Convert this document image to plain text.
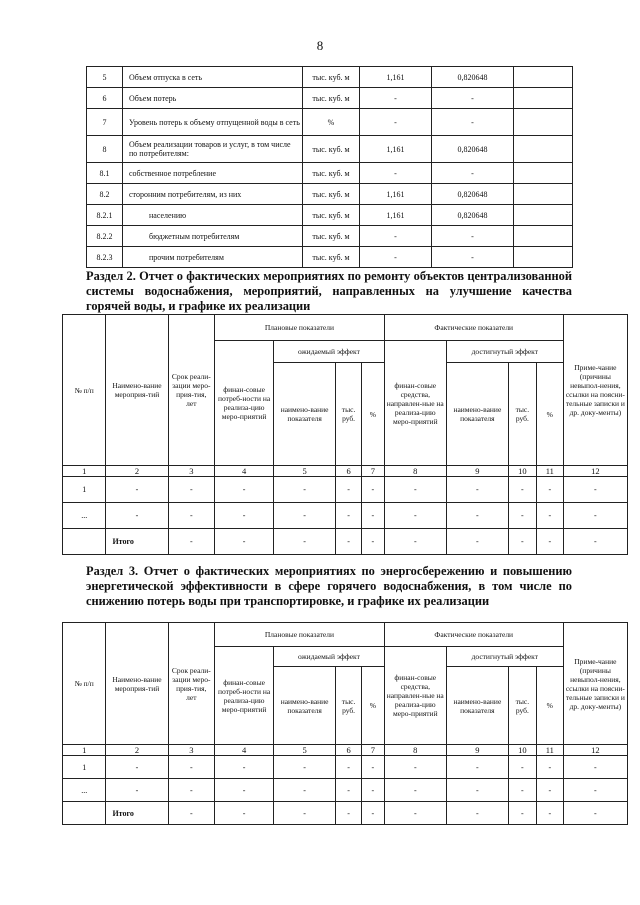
8
5	Объем отпуска в сеть	тыс. куб. м	1,161	0,820648	
6	Объем потерь	тыс. куб. м	-	-	
7	Уровень потерь к объему отпущенной воды в сеть	%	-	-	
8	Объем реализации товаров и услуг, в том числе по потребителям:	тыс. куб. м	1,161	0,820648	
8.1	собственное потребление	тыс. куб. м	-	-	
8.2	сторонним потребителям, из них	тыс. куб. м	1,161	0,820648	
8.2.1	населению	тыс. куб. м	1,161	0,820648	
8.2.2	бюджетным потребителям	тыс. куб. м	-	-	
8.2.3	прочим потребителям	тыс. куб. м	-	-	
Раздел 2. Отчет о фактических мероприятиях по ремонту объектов централизованной системы водоснабжения, мероприятий, направленных на улучшение качества горячей воды, и графике их реализации
№ п/п	Наимено-вание мероприя-тий	Срок реали-зации меро-прия-тия, лет	Плановые показатели				Фактические показатели				Приме-чание (причины невыпол-нения, ссылки на поясни-тельные записки и др. доку-менты)
			финан-совые потреб-ности на реализа-цию меро-приятий	ожидаемый эффект			финан-совые средства, направлен-ные на реализа-цию меро-приятий	достигнутый эффект			
				наимено-вание показателя	тыс. руб.	%		наимено-вание показателя	тыс. руб.	%	
1	2	3	4	5	6	7	8	9	10	11	12
1	-	-	-	-	-	-	-	-	-	-	-
...	-	-	-	-	-	-	-	-	-	-	-
	Итого	-	-	-	-	-	-	-	-	-	-
Раздел 3. Отчет о фактических мероприятиях по энергосбережению и повышению энергетической эффективности в сфере горячего водоснабжения, в том числе по снижению потерь воды при транспортировке, и графике их реализации
№ п/п	Наимено-вание мероприя-тий	Срок реали-зации меро-прия-тия, лет	Плановые показатели				Фактические показатели				Приме-чание (причины невыпол-нения, ссылки на поясни-тельные записки и др. доку-менты)
			финан-совые потреб-ности на реализа-цию меро-приятий	ожидаемый эффект			финан-совые средства, направлен-ные на реализа-цию меро-приятий	достигнутый эффект			
				наимено-вание показателя	тыс. руб.	%		наимено-вание показателя	тыс. руб.	%	
1	2	3	4	5	6	7	8	9	10	11	12
1	-	-	-	-	-	-	-	-	-	-	-
...	-	-	-	-	-	-	-	-	-	-	-
	Итого	-	-	-	-	-	-	-	-	-	-
